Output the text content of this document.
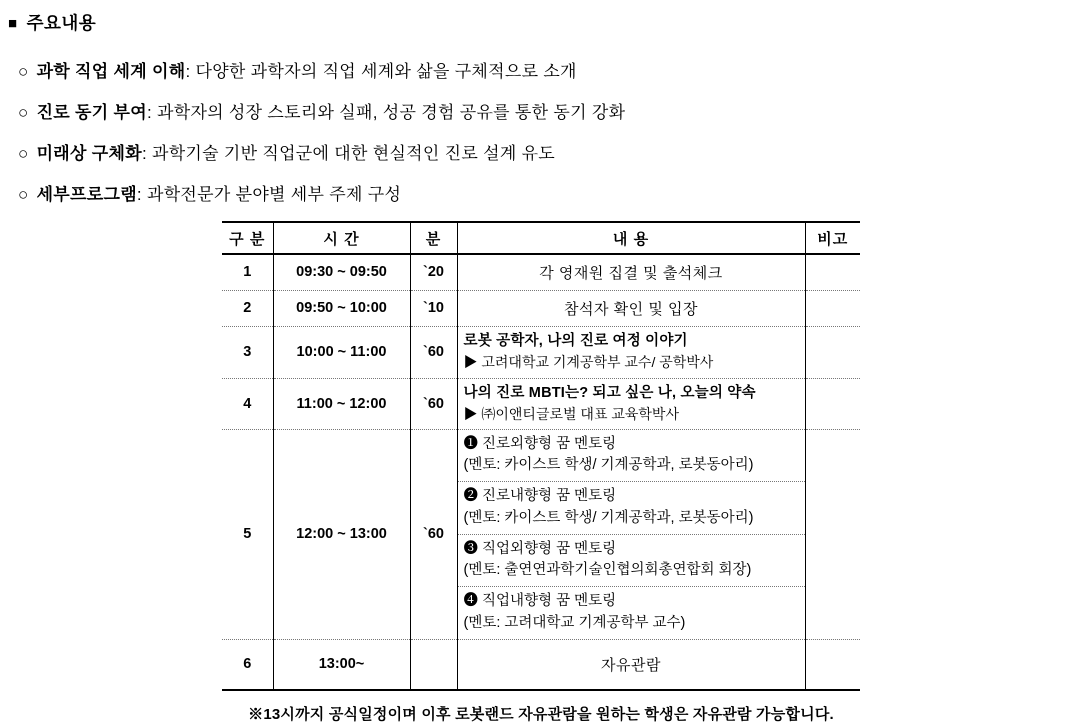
■ 주요내용
○ 과학 직업 세계 이해: 다양한 과학자의 직업 세계와 삶을 구체적으로 소개
○ 진로 동기 부여: 과학자의 성장 스토리와 실패, 성공 경험 공유를 통한 동기 강화
○ 미래상 구체화: 과학기술 기반 직업군에 대한 현실적인 진로 설계 유도
○ 세부프로그램: 과학전문가 분야별 세부 주제 구성
구 분	시 간	분	내 용	비고
1	09:30 ~ 09:50	`20	각 영재원 집결 및 출석체크	
2	09:50 ~ 10:00	`10	참석자 확인 및 입장	
3	10:00 ~ 11:00	`60	로봇 공학자, 나의 진로 여정 이야기
▶ 고려대학교 기계공학부 교수/ 공학박사	

4	11:00 ~ 12:00	`60	나의 진로 MBTI는? 되고 싶은 나, 오늘의 약속
▶ ㈜이앤티글로벌 대표 교육학박사	

5	12:00 ~ 13:00	`60	❶ 진로외향형 꿈 멘토링
(멘토: 카이스트 학생/ 기계공학과, 로봇동아리)	

			❷ 진로내향형 꿈 멘토링
(멘토: 카이스트 학생/ 기계공학과, 로봇동아리)	

			❸ 직업외향형 꿈 멘토링
(멘토: 출연연과학기술인협의회총연합회 회장)	

			❹ 직업내향형 꿈 멘토링
(멘토: 고려대학교 기계공학부 교수)	

6	13:00~		자유관람	
※13시까지 공식일정이며 이후 로봇랜드 자유관람을 원하는 학생은 자유관람 가능합니다.
